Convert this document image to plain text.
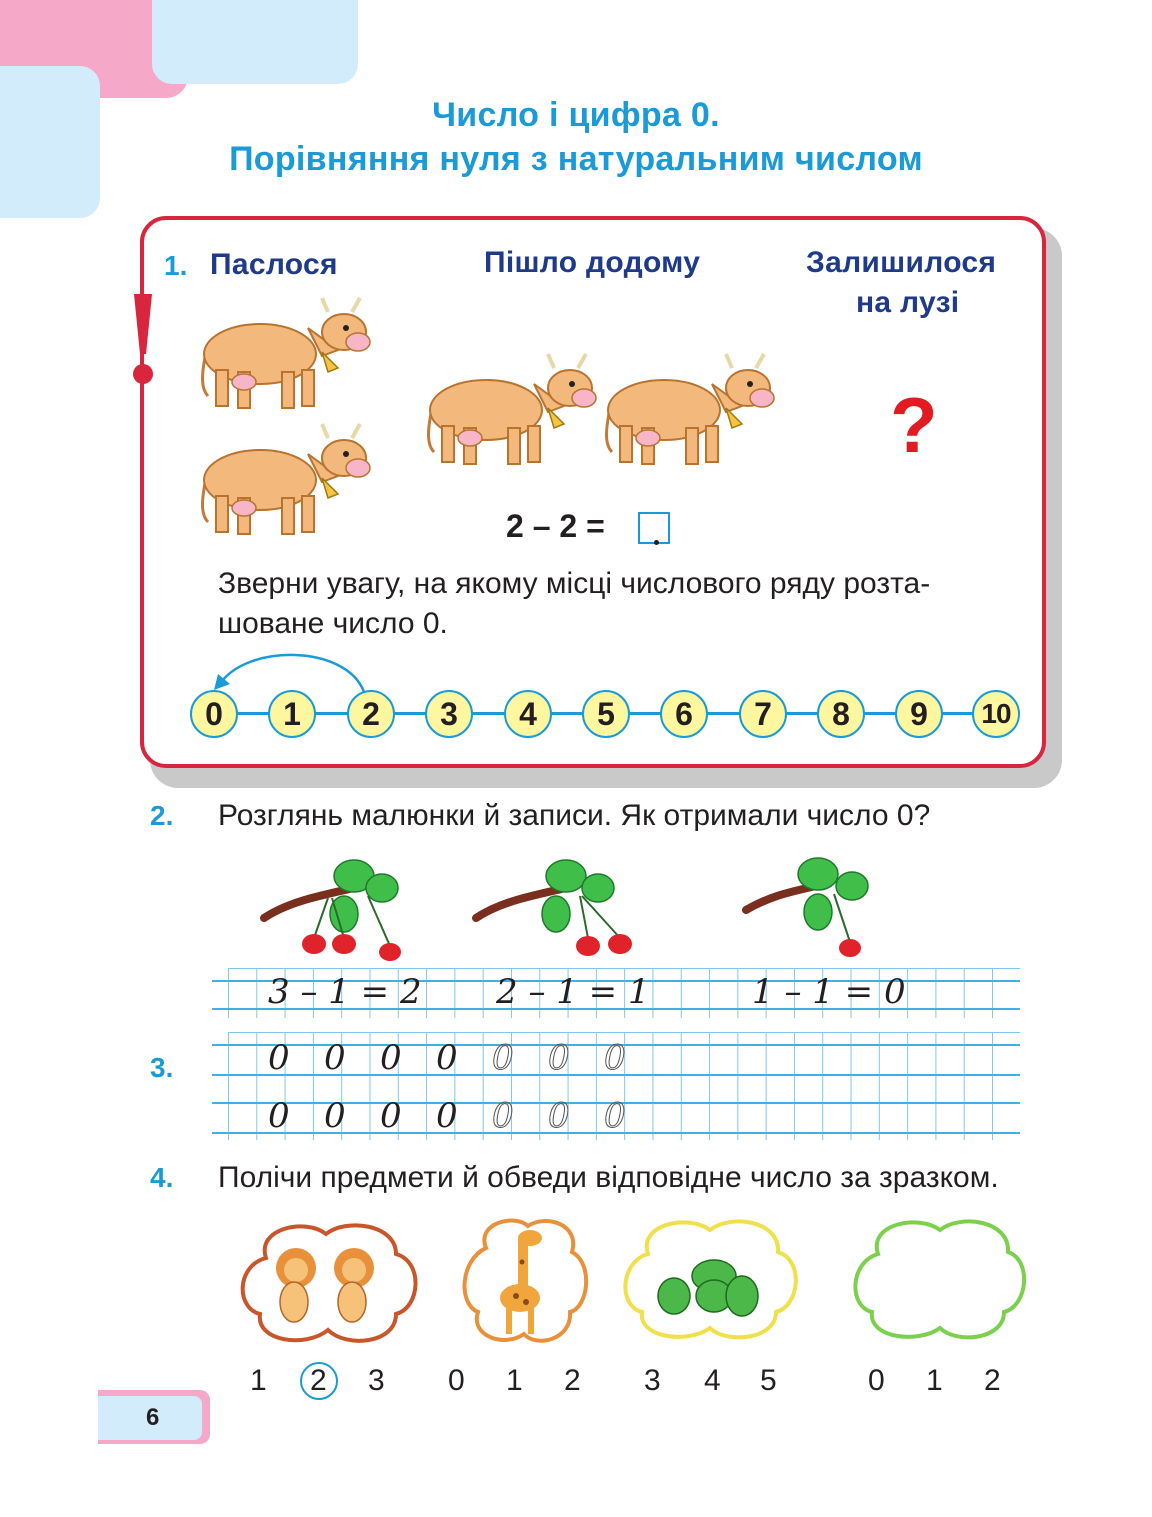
Число і цифра 0.
Порівняння нуля з натуральним числом
1. Паслося	Пішло додому	Залишилося
на лузі
?
2 – 2 =
Зверни увагу, на якому місці числового ряду розта-
шоване число 0.
0	1	2	3	4	5	6	7	8	9	10
2. Розглянь малюнки й записи. Як отримали число 0?
3 – 1 = 2 2 – 1 = 1	1 – 1 = 0
3.	0 0 0 0 0 0 0
0 0 0 0 0 0 0
4. Полічи предмети й обведи відповідне число за зразком.
1 2 3 0 1 2 3 4 5	0 1 2
6
